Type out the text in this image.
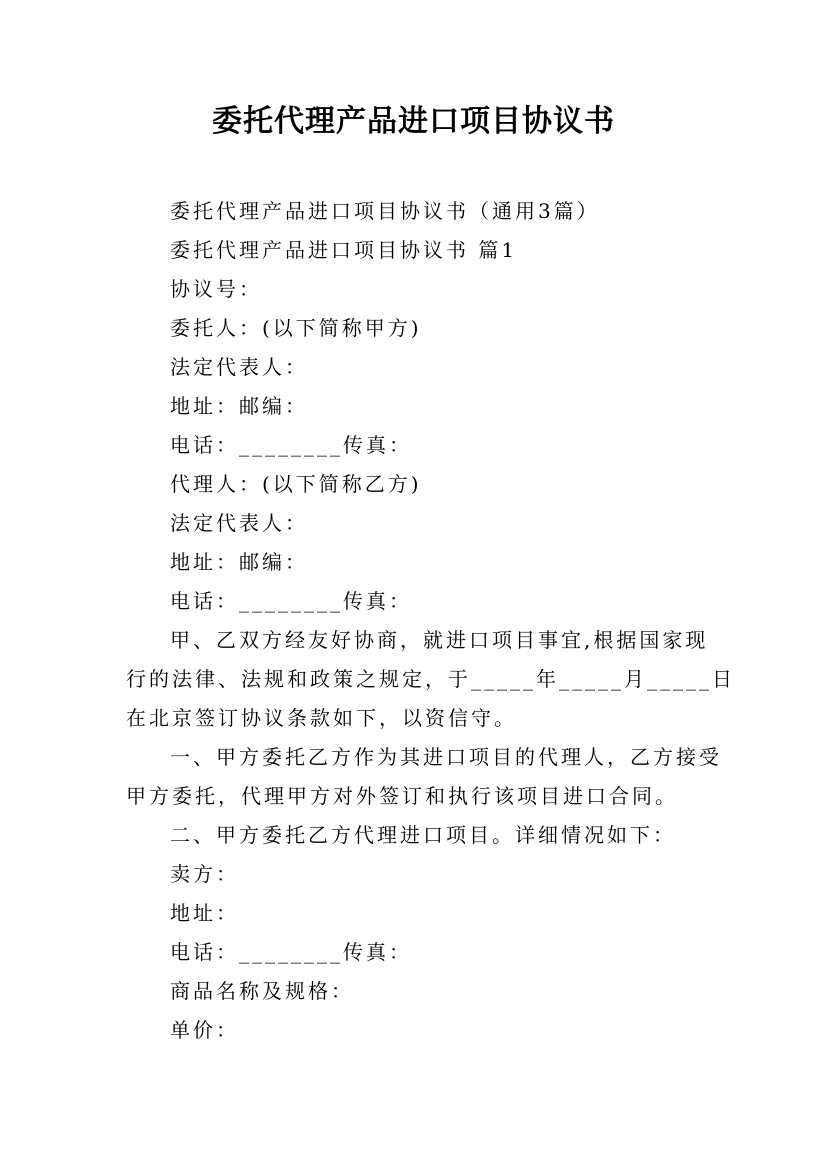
委托代理产品进口项目协议书
委托代理产品进口项目协议书（通用3篇）
委托代理产品进口项目协议书 篇1
协议号：
委托人：(以下简称甲方)
法定代表人：
地址：邮编：
电话：________传真：
代理人：(以下简称乙方)
法定代表人：
地址：邮编：
电话：________传真：
甲、乙双方经友好协商，就进口项目事宜,根据国家现
行的法律、法规和政策之规定，于_____年_____月_____日
在北京签订协议条款如下，以资信守。
一、甲方委托乙方作为其进口项目的代理人，乙方接受
甲方委托，代理甲方对外签订和执行该项目进口合同。
二、甲方委托乙方代理进口项目。详细情况如下：
卖方：
地址：
电话：________传真：
商品名称及规格：
单价：
